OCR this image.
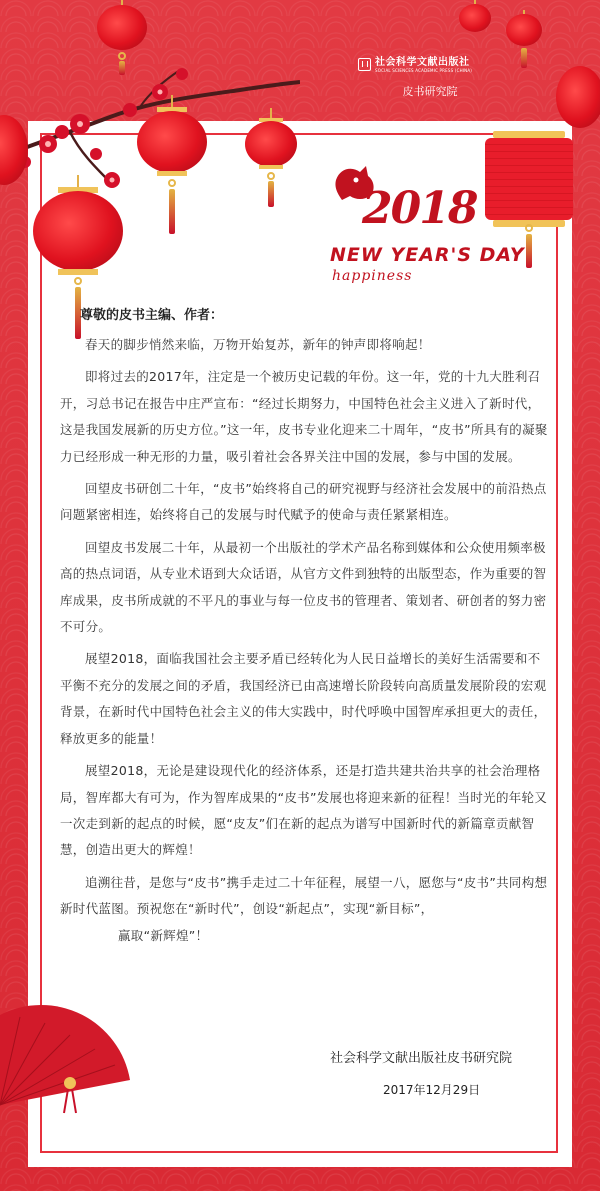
社会科学文献出版社
SOCIAL SCIENCES ACADEMIC PRESS (CHINA)
皮书研究院
2018
NEW YEAR'S DAY
happiness

尊敬的皮书主编、作者：

春天的脚步悄然来临，万物开始复苏，新年的钟声即将响起！

即将过去的2017年，注定是一个被历史记载的年份。这一年，党的十九大胜利召开，习总书记在报告中庄严宣布：“经过长期努力，中国特色社会主义进入了新时代，这是我国发展新的历史方位。”这一年，皮书专业化迎来二十周年，“皮书”所具有的凝聚力已经形成一种无形的力量，吸引着社会各界关注中国的发展，参与中国的发展。

回望皮书研创二十年，“皮书”始终将自己的研究视野与经济社会发展中的前沿热点问题紧密相连，始终将自己的发展与时代赋予的使命与责任紧紧相连。

回望皮书发展二十年，从最初一个出版社的学术产品名称到媒体和公众使用频率极高的热点词语，从专业术语到大众话语，从官方文件到独特的出版型态，作为重要的智库成果，皮书所成就的不平凡的事业与每一位皮书的管理者、策划者、研创者的努力密不可分。

展望2018，面临我国社会主要矛盾已经转化为人民日益增长的美好生活需要和不平衡不充分的发展之间的矛盾，我国经济已由高速增长阶段转向高质量发展阶段的宏观背景，在新时代中国特色社会主义的伟大实践中，时代呼唤中国智库承担更大的责任，释放更多的能量！

展望2018，无论是建设现代化的经济体系，还是打造共建共治共享的社会治理格局，智库都大有可为，作为智库成果的“皮书”发展也将迎来新的征程！当时光的年轮又一次走到新的起点的时候，愿“皮友”们在新的起点为谱写中国新时代的新篇章贡献智慧，创造出更大的辉煌！

追溯往昔，是您与“皮书”携手走过二十年征程，展望一八，愿您与“皮书”共同构想新时代蓝图。预祝您在“新时代”，创设“新起点”，实现“新目标”，

赢取“新辉煌”！

社会科学文献出版社皮书研究院
2017年12月29日
